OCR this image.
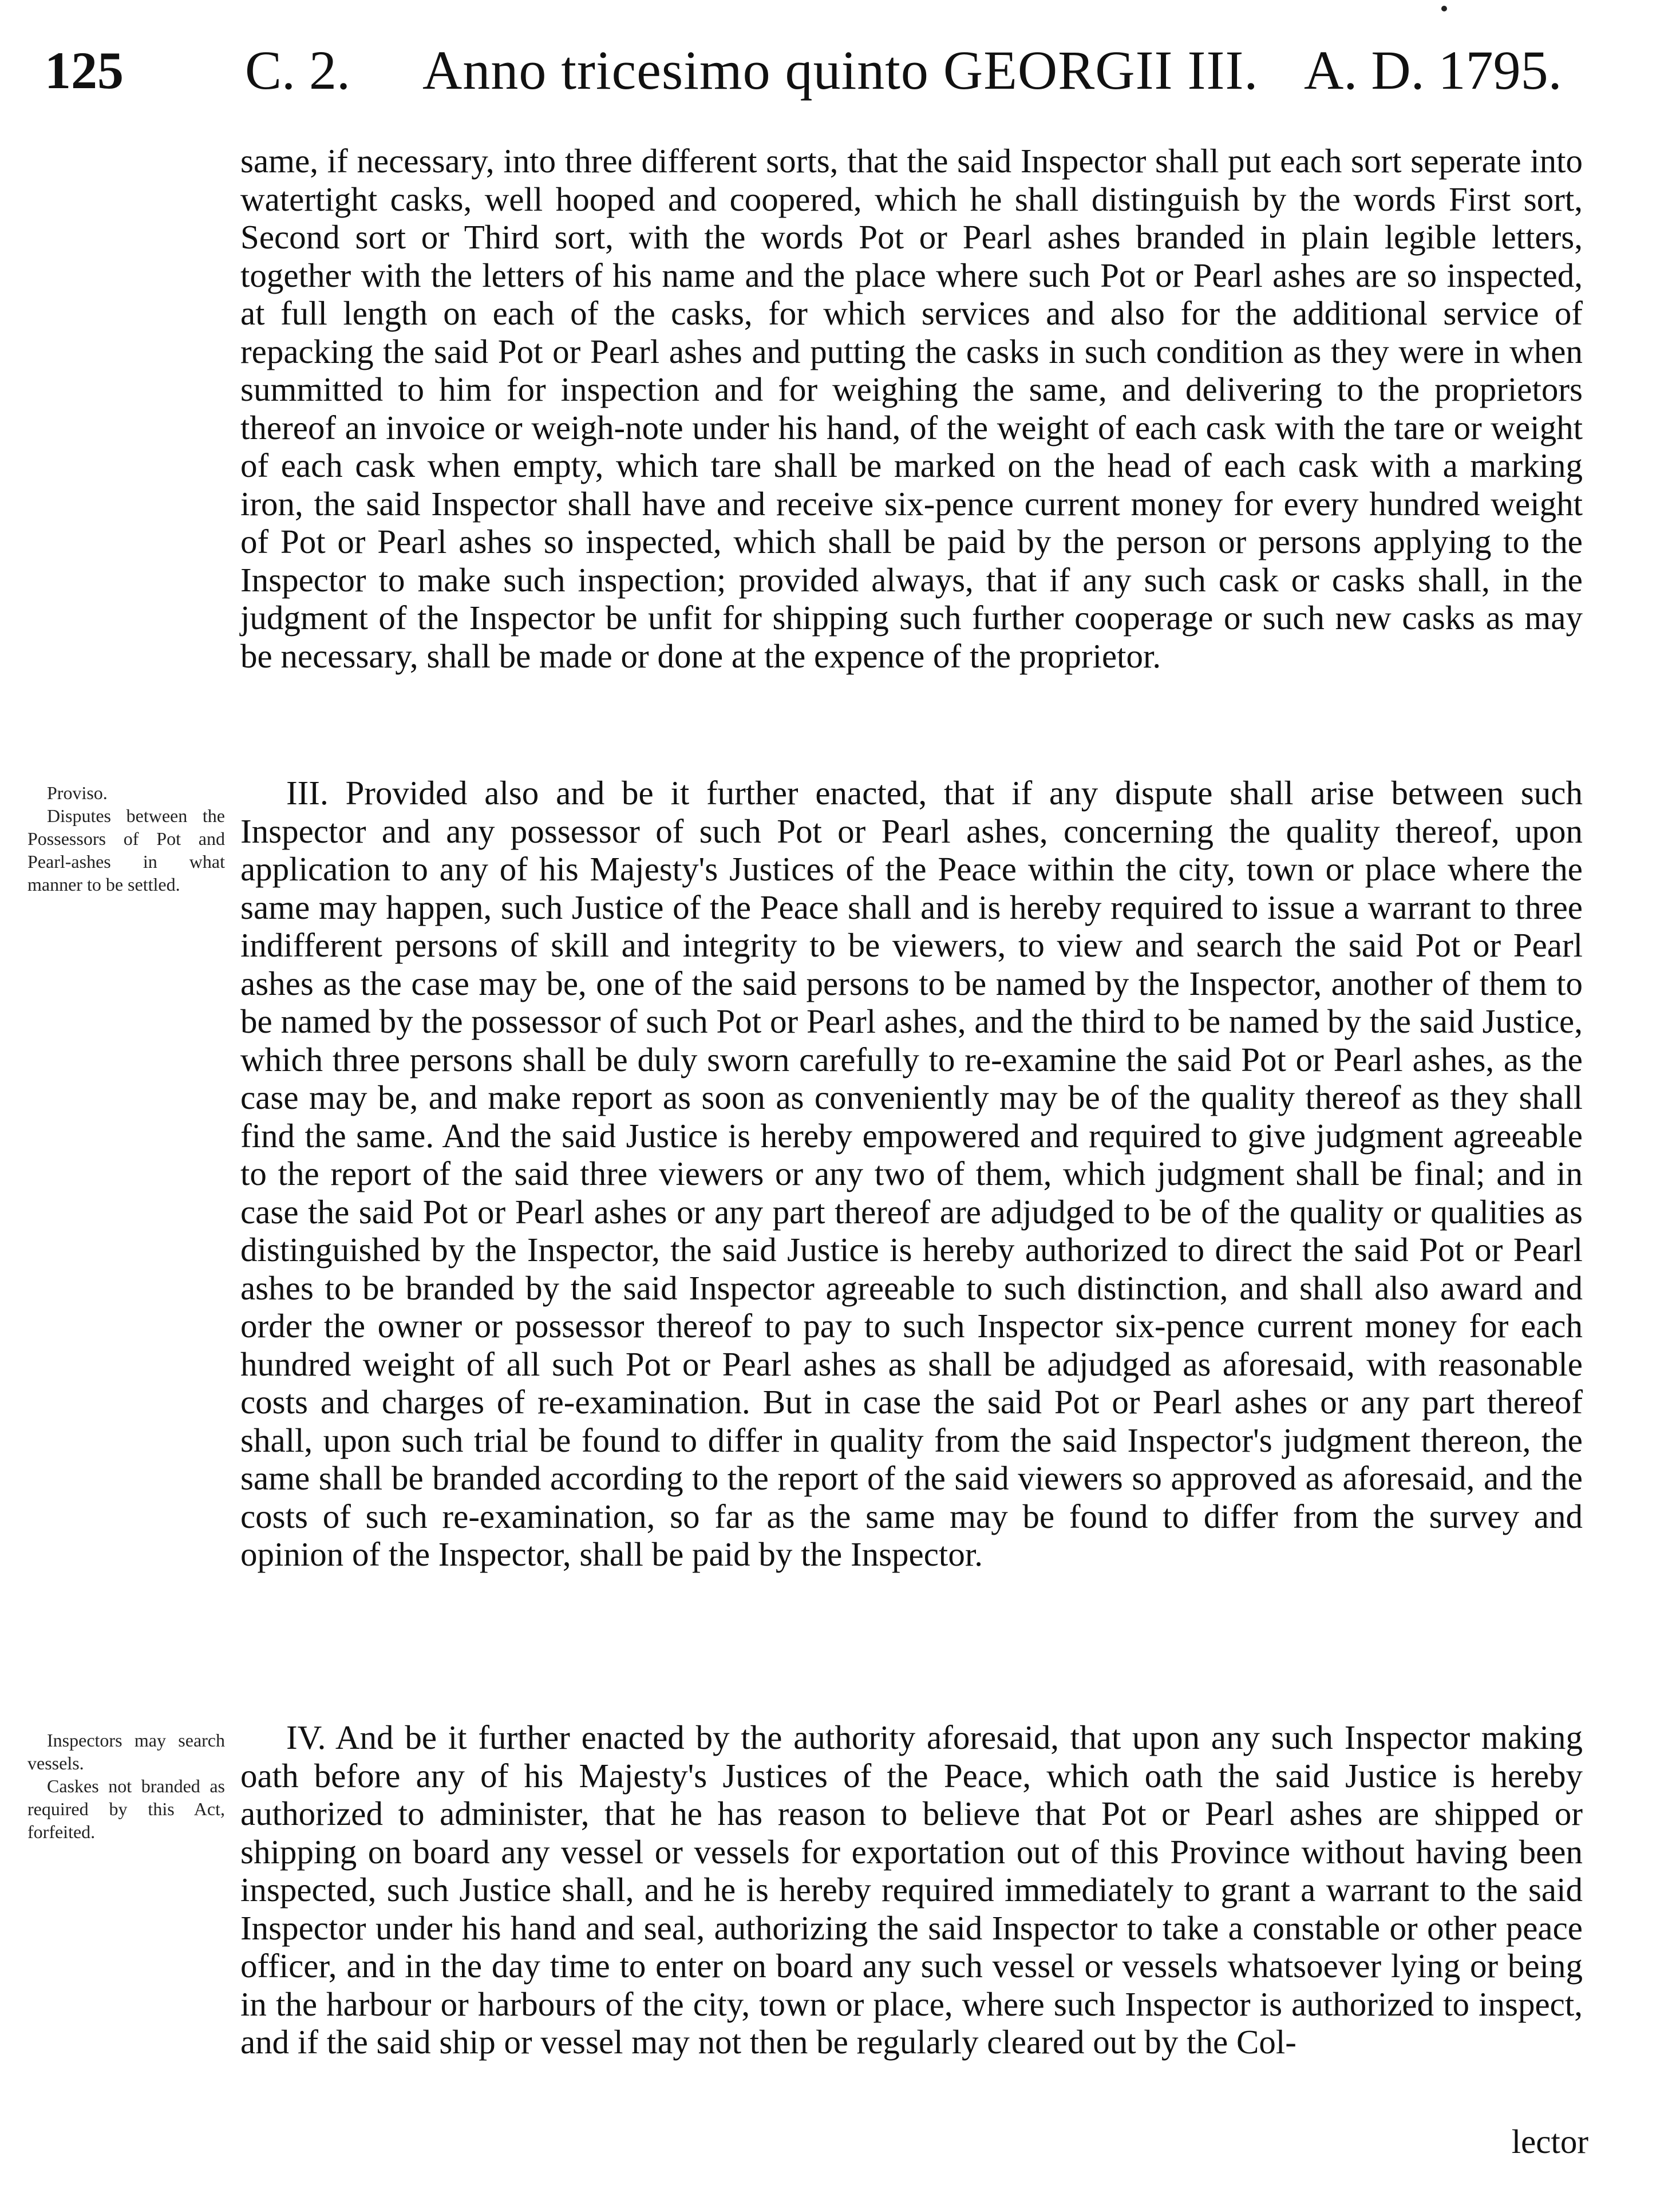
125 C. 2. Anno tricesimo quinto GEORGII III. A. D. 1795.

same, if necessary, into three different sorts, that the said Inspector shall put each sort seperate into watertight casks, well hooped and coopered, which he shall distinguish by the words First sort, Second sort or Third sort, with the words Pot or Pearl ashes branded in plain legible letters, together with the letters of his name and the place where such Pot or Pearl ashes are so inspected, at full length on each of the casks, for which services and also for the additional service of repacking the said Pot or Pearl ashes and putting the casks in such condition as they were in when summitted to him for inspection and for weighing the same, and delivering to the proprietors thereof an invoice or weigh-note under his hand, of the weight of each cask with the tare or weight of each cask when empty, which tare shall be marked on the head of each cask with a marking iron, the said Inspector shall have and receive six-pence current money for every hundred weight of Pot or Pearl ashes so inspected, which shall be paid by the person or persons applying to the Inspector to make such inspection; provided always, that if any such cask or casks shall, in the judgment of the Inspector be unfit for shipping such further cooperage or such new casks as may be necessary, shall be made or done at the expence of the proprietor.

Proviso.

Disputes between the Possessors of Pot and Pearl-ashes in what manner to be settled.

III. Provided also and be it further enacted, that if any dispute shall arise between such Inspector and any possessor of such Pot or Pearl ashes, concerning the quality thereof, upon application to any of his Majesty's Justices of the Peace within the city, town or place where the same may happen, such Justice of the Peace shall and is hereby required to issue a warrant to three indifferent persons of skill and integrity to be viewers, to view and search the said Pot or Pearl ashes as the case may be, one of the said persons to be named by the Inspector, another of them to be named by the possessor of such Pot or Pearl ashes, and the third to be named by the said Justice, which three persons shall be duly sworn carefully to re-examine the said Pot or Pearl ashes, as the case may be, and make report as soon as conveniently may be of the quality thereof as they shall find the same. And the said Justice is hereby empowered and required to give judgment agreeable to the report of the said three viewers or any two of them, which judgment shall be final; and in case the said Pot or Pearl ashes or any part thereof are adjudged to be of the quality or qualities as distinguished by the Inspector, the said Justice is hereby authorized to direct the said Pot or Pearl ashes to be branded by the said Inspector agreeable to such distinction, and shall also award and order the owner or possessor thereof to pay to such Inspector six-pence current money for each hundred weight of all such Pot or Pearl ashes as shall be adjudged as aforesaid, with reasonable costs and charges of re-examination. But in case the said Pot or Pearl ashes or any part thereof shall, upon such trial be found to differ in quality from the said Inspector's judgment thereon, the same shall be branded according to the report of the said viewers so approved as aforesaid, and the costs of such re-examination, so far as the same may be found to differ from the survey and opinion of the Inspector, shall be paid by the Inspector.

Inspectors may search vessels.

Caskes not branded as required by this Act, forfeited.

IV. And be it further enacted by the authority aforesaid, that upon any such Inspector making oath before any of his Majesty's Justices of the Peace, which oath the said Justice is hereby authorized to administer, that he has reason to believe that Pot or Pearl ashes are shipped or shipping on board any vessel or vessels for exportation out of this Province without having been inspected, such Justice shall, and he is hereby required immediately to grant a warrant to the said Inspector under his hand and seal, authorizing the said Inspector to take a constable or other peace officer, and in the day time to enter on board any such vessel or vessels whatsoever lying or being in the harbour or harbours of the city, town or place, where such Inspector is authorized to inspect, and if the said ship or vessel may not then be regularly cleared out by the Col-

lector
